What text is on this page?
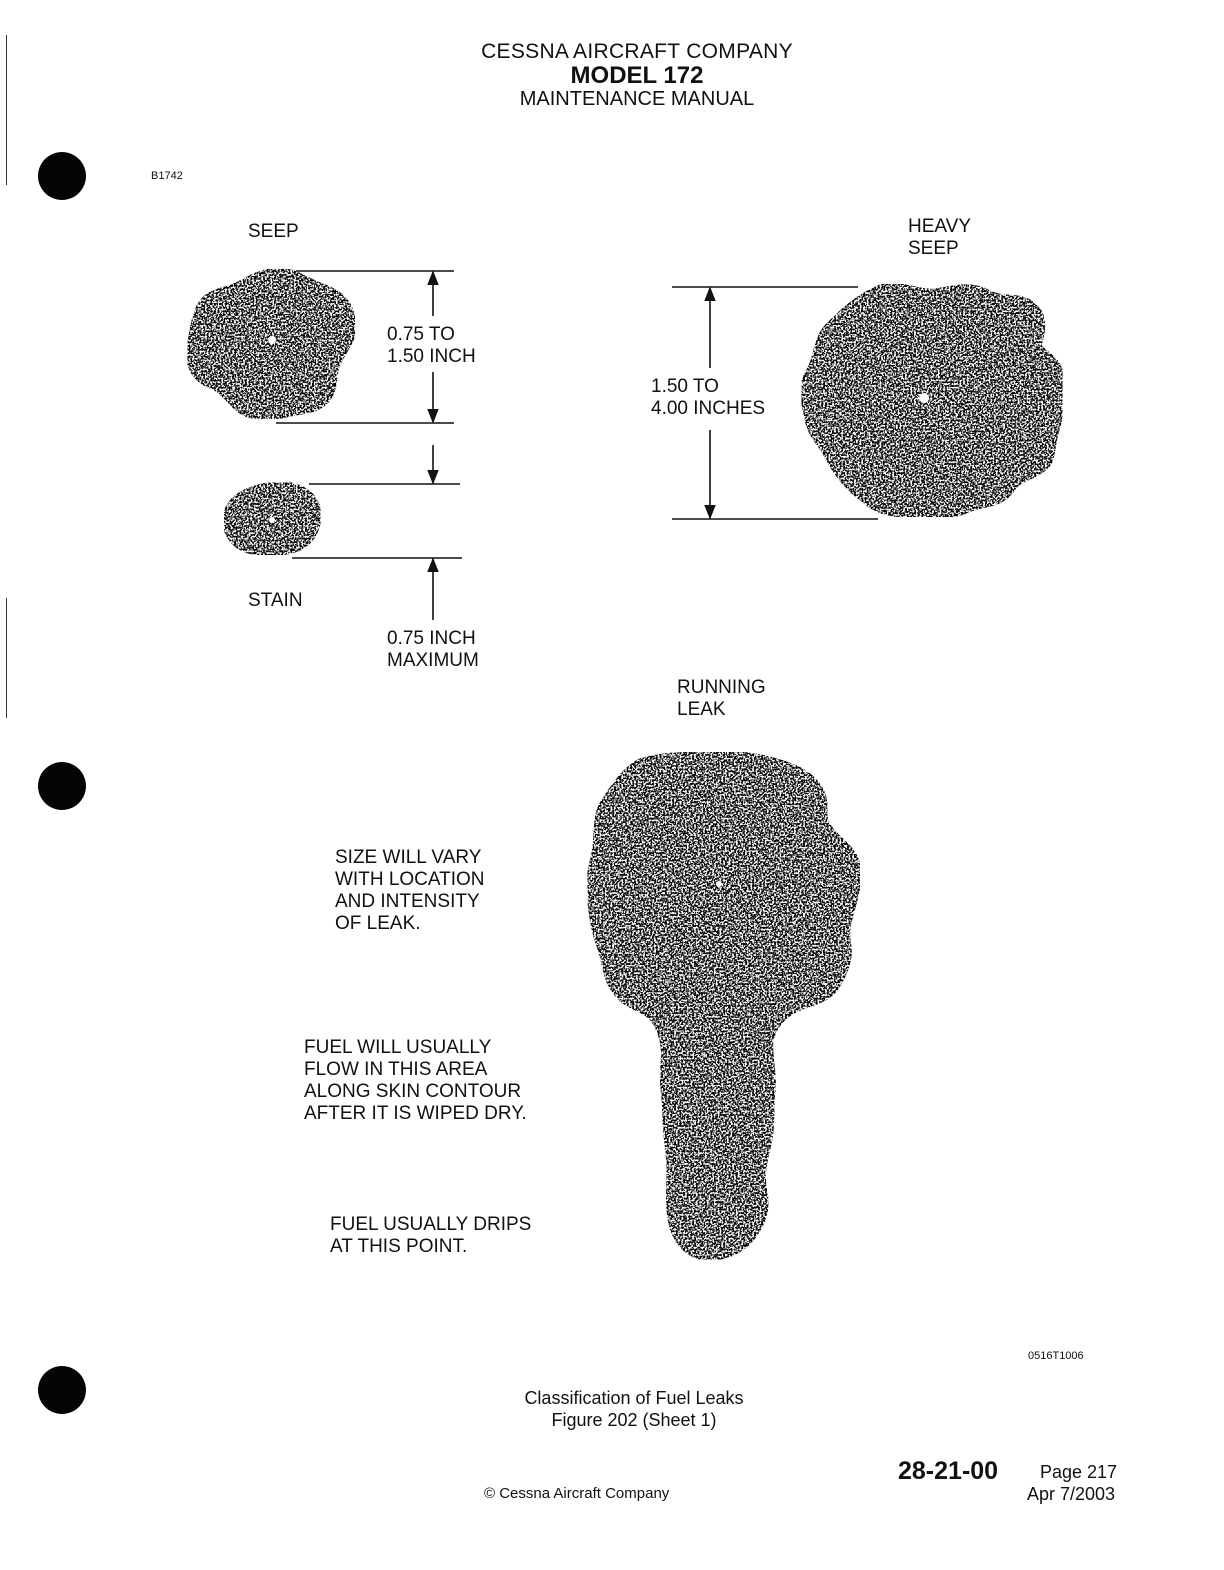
CESSNA AIRCRAFT COMPANY
MODEL 172
MAINTENANCE MANUAL
B1742
SEEP	HEAVY
SEEP
0.75 TO
1.50 INCH
1.50 TO
4.00 INCHES
STAIN
0.75 INCH
MAXIMUM
RUNNING
LEAK
SIZE WILL VARY
WITH LOCATION
AND INTENSITY
OF LEAK.
FUEL WILL USUALLY
FLOW IN THIS AREA
ALONG SKIN CONTOUR
AFTER IT IS WIPED DRY.
FUEL USUALLY DRIPS
AT THIS POINT.
0516T1006
Classification of Fuel Leaks
Figure 202 (Sheet 1)
© Cessna Aircraft Company
28-21-00 Page 217
Apr 7/2003
